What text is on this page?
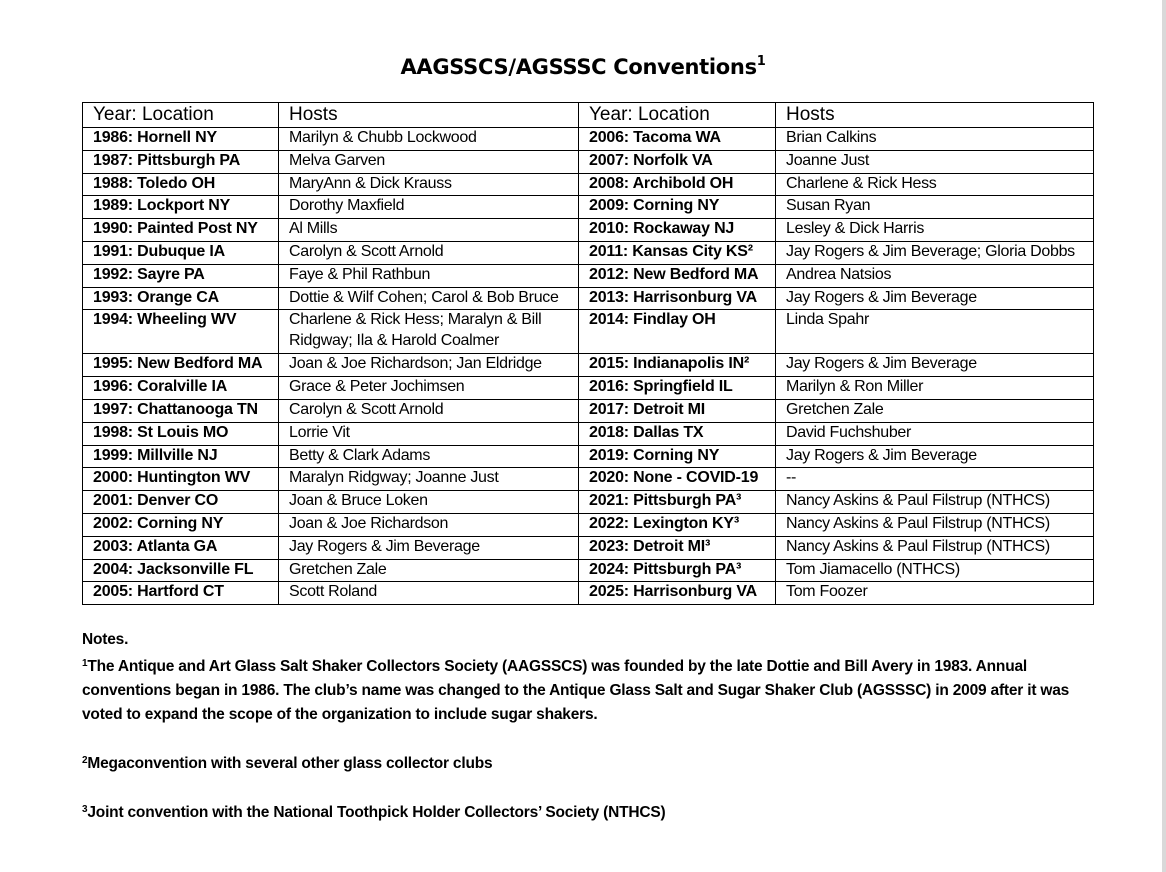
AAGSSCS/AGSSSC Conventions$^1$
Year: Location	Hosts	Year: Location	Hosts
1986: Hornell NY	Marilyn & Chubb Lockwood	2006: Tacoma WA	Brian Calkins
1987: Pittsburgh PA	Melva Garven	2007: Norfolk VA	Joanne Just
1988: Toledo OH	MaryAnn & Dick Krauss	2008: Archibold OH	Charlene & Rick Hess
1989: Lockport NY	Dorothy Maxfield	2009: Corning NY	Susan Ryan
1990: Painted Post NY	Al Mills	2010: Rockaway NJ	Lesley & Dick Harris
1991: Dubuque IA	Carolyn & Scott Arnold	2011: Kansas City KS²	Jay Rogers & Jim Beverage; Gloria Dobbs
1992: Sayre PA	Faye & Phil Rathbun	2012: New Bedford MA	Andrea Natsios
1993: Orange CA	Dottie & Wilf Cohen; Carol & Bob Bruce	2013: Harrisonburg VA	Jay Rogers & Jim Beverage
1994: Wheeling WV	Charlene & Rick Hess; Maralyn & Bill Ridgway; Ila & Harold Coalmer	2014: Findlay OH	Linda Spahr
1995: New Bedford MA	Joan & Joe Richardson; Jan Eldridge	2015: Indianapolis IN²	Jay Rogers & Jim Beverage
1996: Coralville IA	Grace & Peter Jochimsen	2016: Springfield IL	Marilyn & Ron Miller
1997: Chattanooga TN	Carolyn & Scott Arnold	2017: Detroit MI	Gretchen Zale
1998: St Louis MO	Lorrie Vit	2018: Dallas TX	David Fuchshuber
1999: Millville NJ	Betty & Clark Adams	2019: Corning NY	Jay Rogers & Jim Beverage
2000: Huntington WV	Maralyn Ridgway; Joanne Just	2020: None - COVID-19	--
2001: Denver CO	Joan & Bruce Loken	2021: Pittsburgh PA³	Nancy Askins & Paul Filstrup (NTHCS)
2002: Corning NY	Joan & Joe Richardson	2022: Lexington KY³	Nancy Askins & Paul Filstrup (NTHCS)
2003: Atlanta GA	Jay Rogers & Jim Beverage	2023: Detroit MI³	Nancy Askins & Paul Filstrup (NTHCS)
2004: Jacksonville FL	Gretchen Zale	2024: Pittsburgh PA³	Tom Jiamacello (NTHCS)
2005: Hartford CT	Scott Roland	2025: Harrisonburg VA	Tom Foozer

Notes.

$^1$The Antique and Art Glass Salt Shaker Collectors Society (AAGSSCS) was founded by the late Dottie and Bill Avery in 1983. Annual conventions began in 1986. The club’s name was changed to the Antique Glass Salt and Sugar Shaker Club (AGSSSC) in 2009 after it was voted to expand the scope of the organization to include sugar shakers.

$^2$Megaconvention with several other glass collector clubs

$^3$Joint convention with the National Toothpick Holder Collectors’ Society (NTHCS)
